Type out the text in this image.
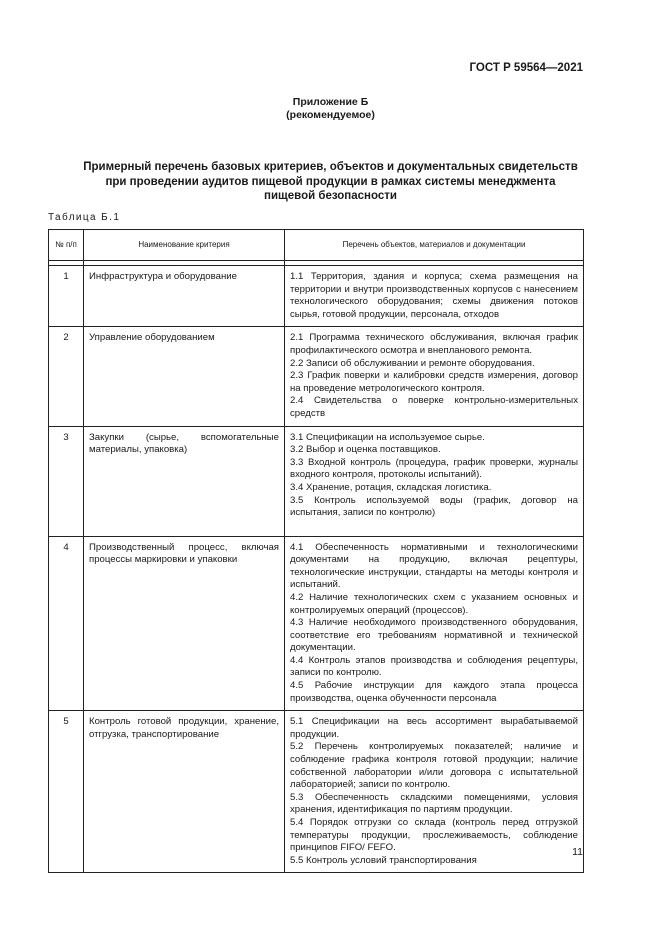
ГОСТ Р 59564—2021
Приложение Б
(рекомендуемое)
Примерный перечень базовых критериев, объектов и документальных свидетельств
при проведении аудитов пищевой продукции в рамках системы менеджмента
пищевой безопасности
Таблица Б.1
№ п/п	Наименование критерия	Перечень объектов, материалов и документации

1	Инфраструктура и оборудование	1.1 Территория, здания и корпуса; схема размещения на территории и внутри производственных корпусов с нанесением технологического оборудования; схемы движения потоков сырья, готовой продукции, персонала, отходов

2	Управление оборудованием	2.1 Программа технического обслуживания, включая график профилактического осмотра и внепланового ремонта.
2.2 Записи об обслуживании и ремонте оборудования.
2.3 График поверки и калибровки средств измерения, договор на проведение метрологического контроля.
2.4 Свидетельства о поверке контрольно-измерительных средств

3	Закупки (сырье, вспомогательные материалы, упаковка)	3.1 Спецификации на используемое сырье.
3.2 Выбор и оценка поставщиков.
3.3 Входной контроль (процедура, график проверки, журналы входного контроля, протоколы испытаний).
3.4 Хранение, ротация, складская логистика.
3.5 Контроль используемой воды (график, договор на испытания, записи по контролю)

4	Производственный процесс, включая процессы маркировки и упаковки	4.1 Обеспеченность нормативными и технологическими документами на продукцию, включая рецептуры, технологические инструкции, стандарты на методы контроля и испытаний.
4.2 Наличие технологических схем с указанием основных и контролируемых операций (процессов).
4.3 Наличие необходимого производственного оборудования, соответствие его требованиям нормативной и технической документации.
4.4 Контроль этапов производства и соблюдения рецептуры, записи по контролю.
4.5 Рабочие инструкции для каждого этапа процесса производства, оценка обученности персонала

5	Контроль готовой продукции, хранение, отгрузка, транспортирование	5.1 Спецификации на весь ассортимент вырабатываемой продукции.
5.2 Перечень контролируемых показателей; наличие и соблюдение графика контроля готовой продукции; наличие собственной лаборатории и/или договора с испытательной лабораторией; записи по контролю.
5.3 Обеспеченность складскими помещениями, условия хранения, идентификация по партиям продукции.
5.4 Порядок отгрузки со склада (контроль перед отгрузкой температуры продукции, прослеживаемость, соблюдение принципов FIFO/ FEFO.
5.5 Контроль условий транспортирования
11
